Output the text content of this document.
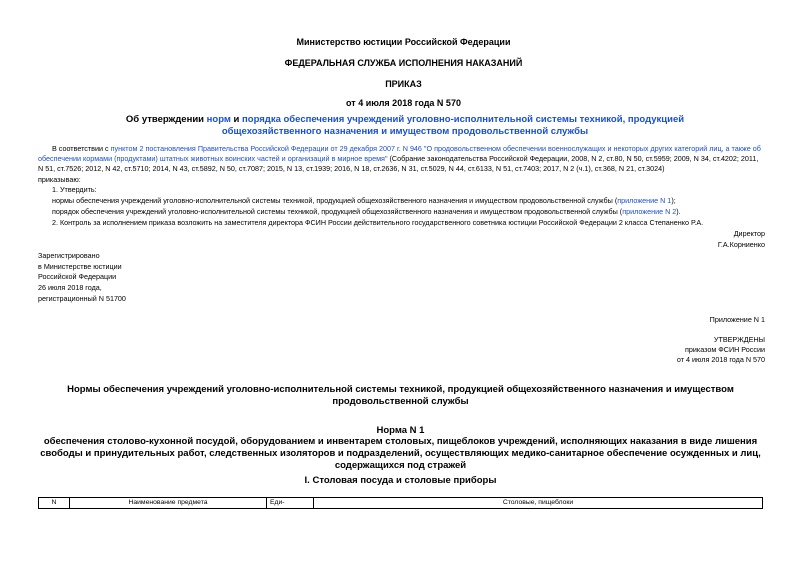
Министерство юстиции Российской Федерации
ФЕДЕРАЛЬНАЯ СЛУЖБА ИСПОЛНЕНИЯ НАКАЗАНИЙ
ПРИКАЗ
от 4 июля 2018 года N 570
Об утверждении норм и порядка обеспечения учреждений уголовно-исполнительной системы техникой, продукцией общехозяйственного назначения и имуществом продовольственной службы
В соответствии с пунктом 2 постановления Правительства Российской Федерации от 29 декабря 2007 г. N 946 "О продовольственном обеспечении военнослужащих и некоторых других категорий лиц, а также об обеспечении кормами (продуктами) штатных животных воинских частей и организаций в мирное время" (Собрание законодательства Российской Федерации, 2008, N 2, ст.80, N 50, ст.5959; 2009, N 34, ст.4202; 2011, N 51, ст.7526; 2012, N 42, ст.5710; 2014, N 43, ст.5892, N 50, ст.7087; 2015, N 13, ст.1939; 2016, N 18, ст.2636, N 31, ст.5029, N 44, ст.6133, N 51, ст.7403; 2017, N 2 (ч.1), ст.368, N 21, ст.3024)
приказываю:
1. Утвердить:
нормы обеспечения учреждений уголовно-исполнительной системы техникой, продукцией общехозяйственного назначения и имуществом продовольственной службы (приложение N 1);
порядок обеспечения учреждений уголовно-исполнительной системы техникой, продукцией общехозяйственного назначения и имуществом продовольственной службы (приложение N 2).
2. Контроль за исполнением приказа возложить на заместителя директора ФСИН России действительного государственного советника юстиции Российской Федерации 2 класса Степаненко Р.А.
Директор
Г.А.Корниенко
Зарегистрировано
в Министерстве юстиции
Российской Федерации
26 июля 2018 года,
регистрационный N 51700
Приложение N 1
УТВЕРЖДЕНЫ
приказом ФСИН России
от 4 июля 2018 года N 570
Нормы обеспечения учреждений уголовно-исполнительной системы техникой, продукцией общехозяйственного назначения и имуществом продовольственной службы
Норма N 1
обеспечения столово-кухонной посудой, оборудованием и инвентарем столовых, пищеблоков учреждений, исполняющих наказания в виде лишения свободы и принудительных работ, следственных изоляторов и подразделений, осуществляющих медико-санитарное обеспечение осужденных и лиц, содержащихся под стражей
I. Столовая посуда и столовые приборы
N	Наименование предмета	Еди-	Столовые, пищеблоки
